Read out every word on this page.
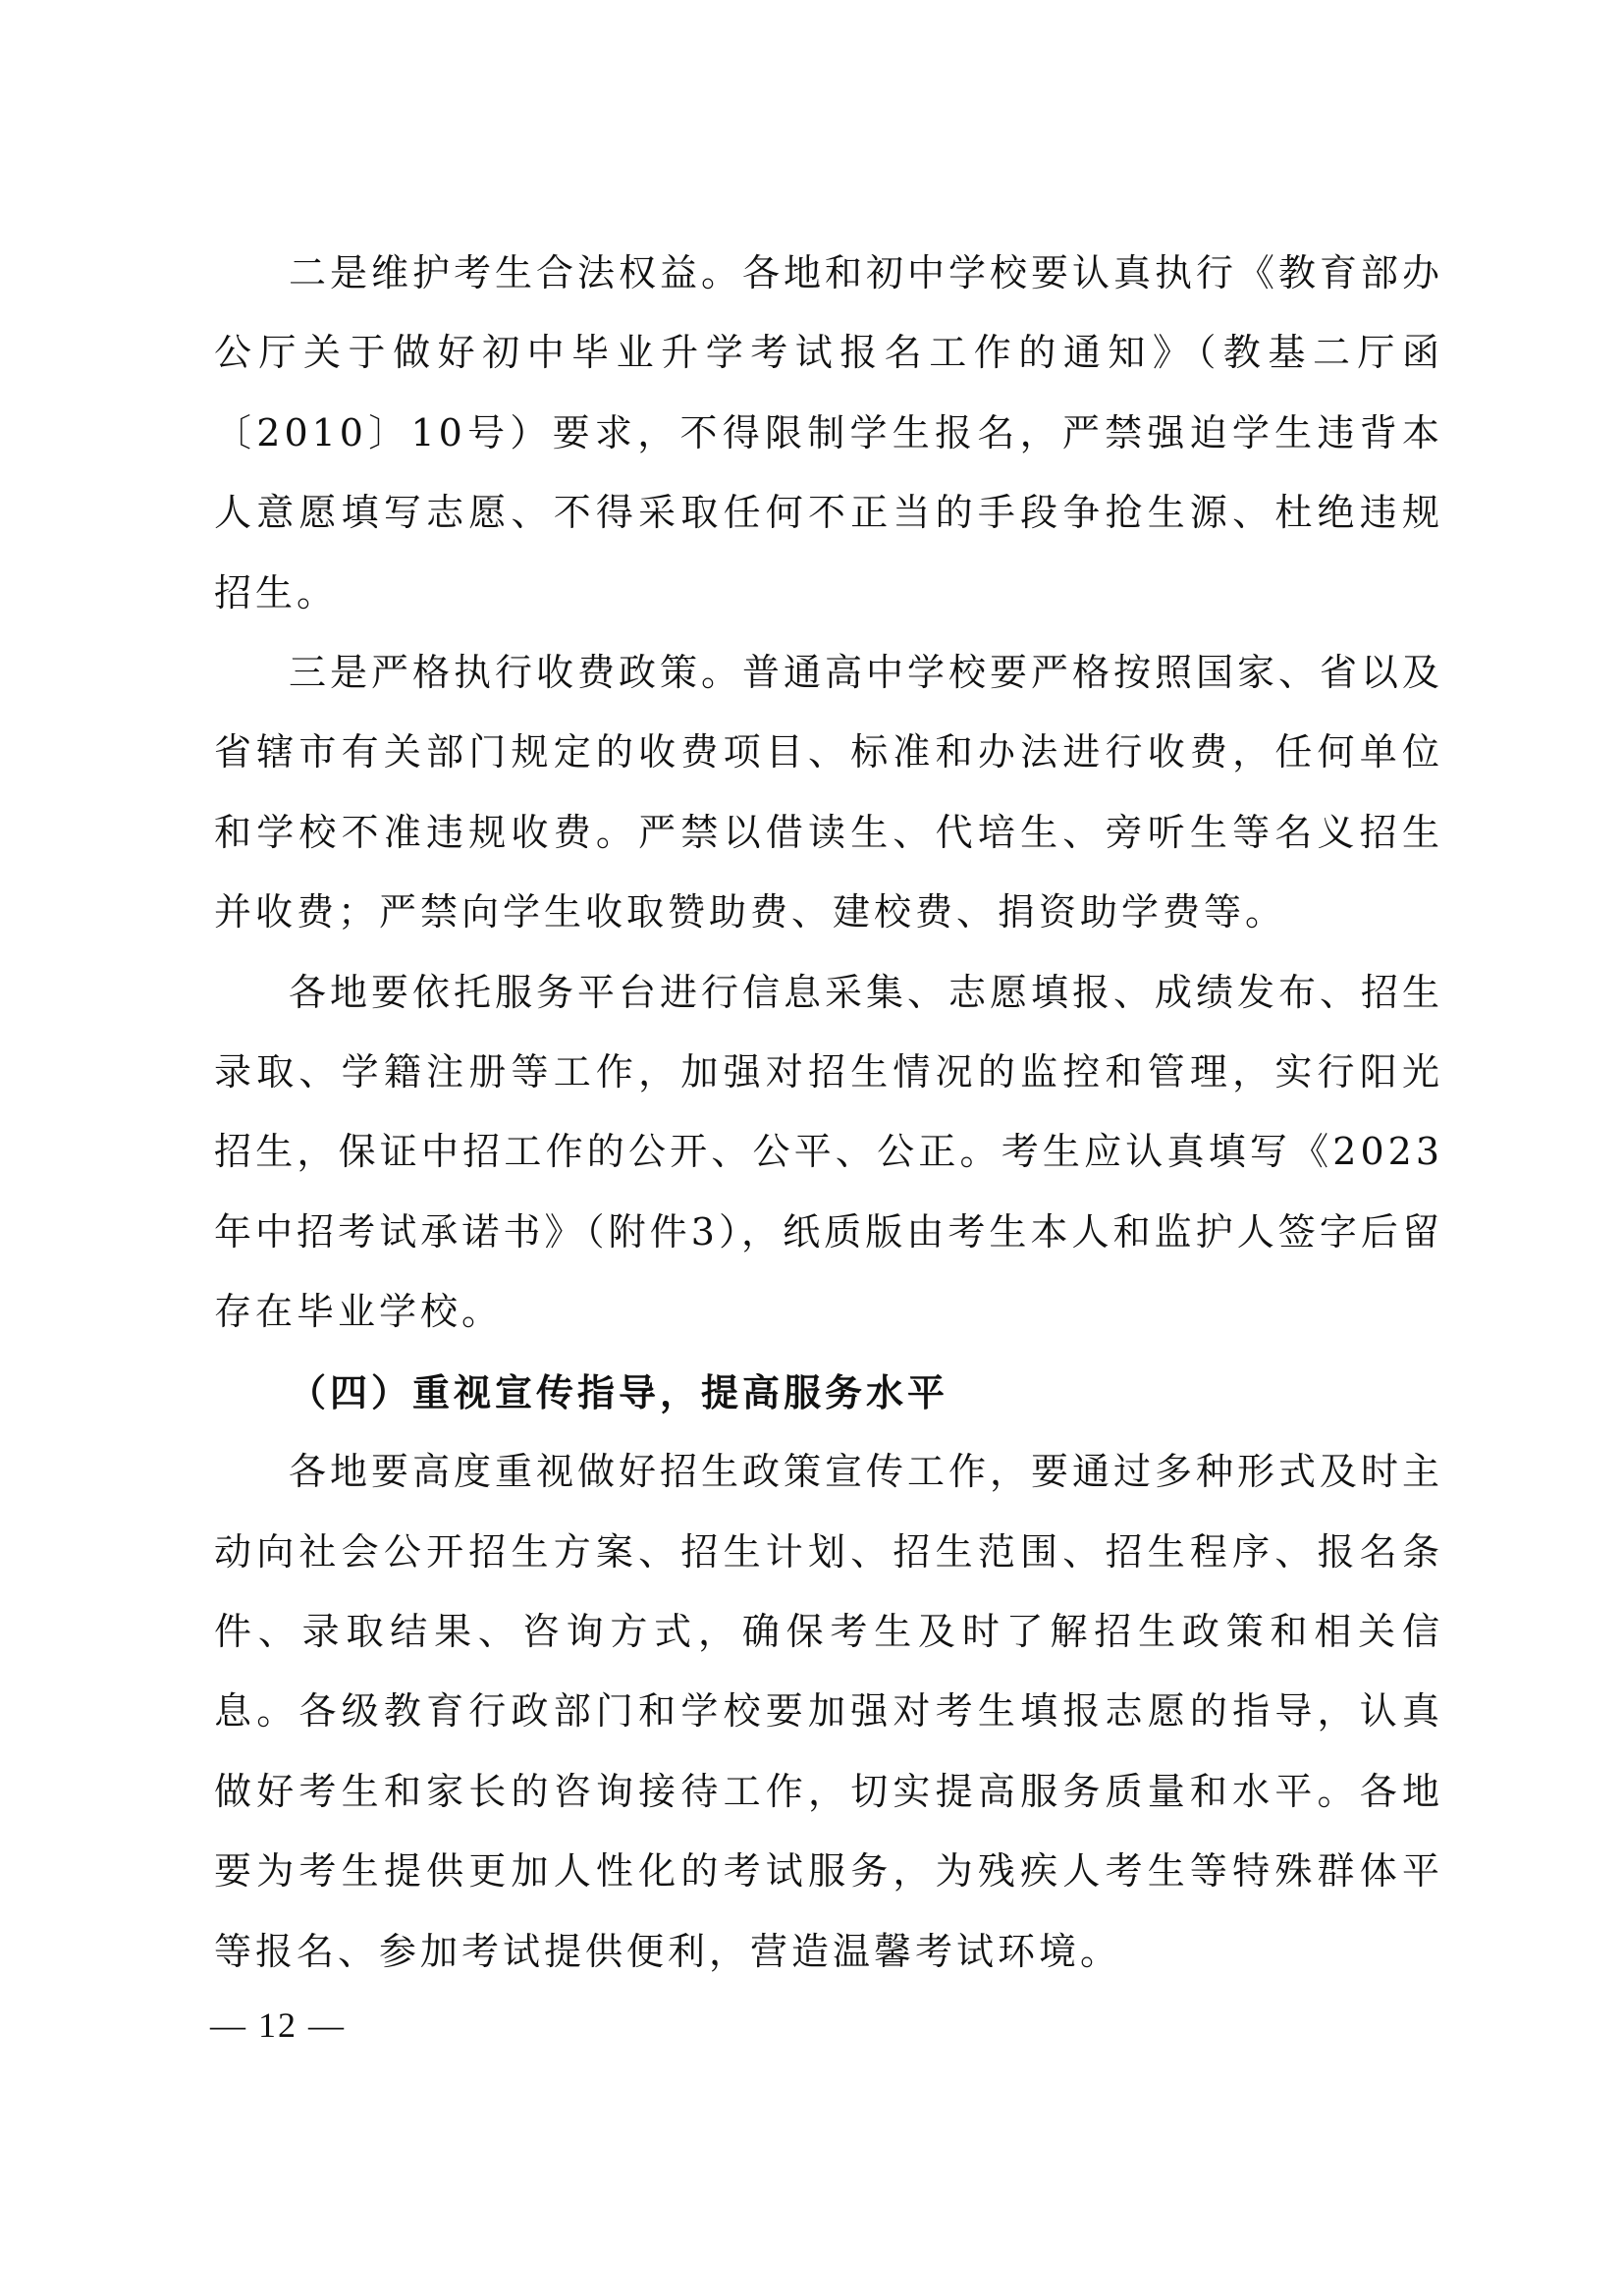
二是维护考生合法权益。各地和初中学校要认真执行《教育部办公厅关于做好初中毕业升学考试报名工作的通知》（教基二厅函〔2010〕10号）要求，不得限制学生报名，严禁强迫学生违背本人意愿填写志愿、不得采取任何不正当的手段争抢生源、杜绝违规招生。

三是严格执行收费政策。普通高中学校要严格按照国家、省以及省辖市有关部门规定的收费项目、标准和办法进行收费，任何单位和学校不准违规收费。严禁以借读生、代培生、旁听生等名义招生并收费；严禁向学生收取赞助费、建校费、捐资助学费等。

各地要依托服务平台进行信息采集、志愿填报、成绩发布、招生录取、学籍注册等工作，加强对招生情况的监控和管理，实行阳光招生，保证中招工作的公开、公平、公正。考生应认真填写《2023年中招考试承诺书》（附件3），纸质版由考生本人和监护人签字后留存在毕业学校。

（四）重视宣传指导，提高服务水平

各地要高度重视做好招生政策宣传工作，要通过多种形式及时主动向社会公开招生方案、招生计划、招生范围、招生程序、报名条件、录取结果、咨询方式，确保考生及时了解招生政策和相关信息。各级教育行政部门和学校要加强对考生填报志愿的指导，认真做好考生和家长的咨询接待工作，切实提高服务质量和水平。各地要为考生提供更加人性化的考试服务，为残疾人考生等特殊群体平等报名、参加考试提供便利，营造温馨考试环境。

— 12 —
